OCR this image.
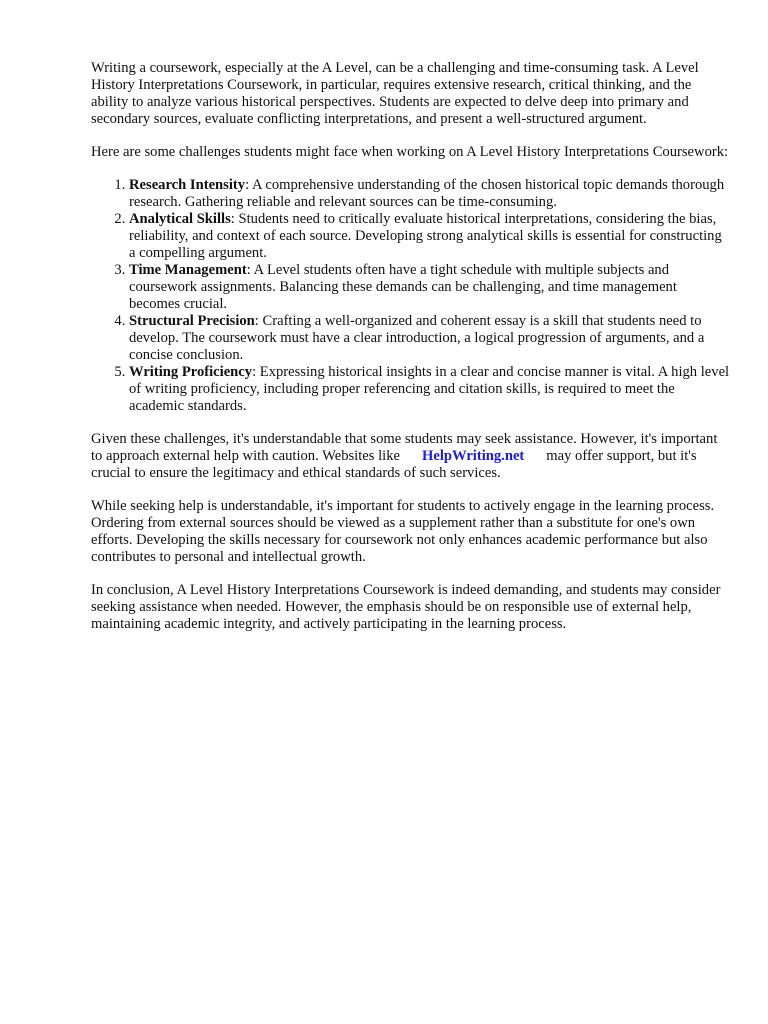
Writing a coursework, especially at the A Level, can be a challenging and time-consuming task. A Level History Interpretations Coursework, in particular, requires extensive research, critical thinking, and the ability to analyze various historical perspectives. Students are expected to delve deep into primary and secondary sources, evaluate conflicting interpretations, and present a well-structured argument.

Here are some challenges students might face when working on A Level History Interpretations Coursework:

1. Research Intensity: A comprehensive understanding of the chosen historical topic demands thorough research. Gathering reliable and relevant sources can be time-consuming.
2. Analytical Skills: Students need to critically evaluate historical interpretations, considering the bias, reliability, and context of each source. Developing strong analytical skills is essential for constructing a compelling argument.
3. Time Management: A Level students often have a tight schedule with multiple subjects and coursework assignments. Balancing these demands can be challenging, and time management becomes crucial.
4. Structural Precision: Crafting a well-organized and coherent essay is a skill that students need to develop. The coursework must have a clear introduction, a logical progression of arguments, and a concise conclusion.
5. Writing Proficiency: Expressing historical insights in a clear and concise manner is vital. A high level of writing proficiency, including proper referencing and citation skills, is required to meet the academic standards.

Given these challenges, it's understandable that some students may seek assistance. However, it's important to approach external help with caution. Websites like HelpWriting.net may offer support, but it's crucial to ensure the legitimacy and ethical standards of such services.

While seeking help is understandable, it's important for students to actively engage in the learning process. Ordering from external sources should be viewed as a supplement rather than a substitute for one's own efforts. Developing the skills necessary for coursework not only enhances academic performance but also contributes to personal and intellectual growth.

In conclusion, A Level History Interpretations Coursework is indeed demanding, and students may consider seeking assistance when needed. However, the emphasis should be on responsible use of external help, maintaining academic integrity, and actively participating in the learning process.
